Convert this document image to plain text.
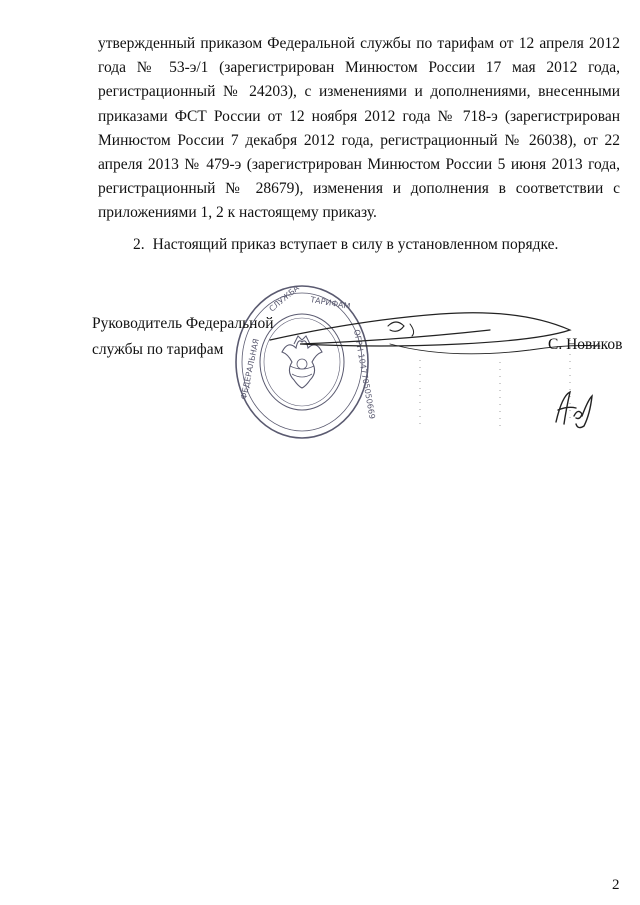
утвержденный приказом Федеральной службы по тарифам от 12 апреля 2012 года № 53-э/1 (зарегистрирован Минюстом России 17 мая 2012 года, регистрационный № 24203), с изменениями и дополнениями, внесенными приказами ФСТ России от 12 ноября 2012 года № 718-э (зарегистрирован Минюстом России 7 декабря 2012 года, регистрационный № 26038), от 22 апреля 2013 № 479-э (зарегистрирован Минюстом России 5 июня 2013 года, регистрационный № 28679), изменения и дополнения в соответствии с приложениями 1, 2 к настоящему приказу.

2. Настоящий приказ вступает в силу в установленном порядке.

ФЕДЕРАЛЬНАЯ
СЛУЖБА ТАРИФАМ
ОГРН 1047705050669
Руководитель Федеральной
службы по тарифам	С. Новиков
2
